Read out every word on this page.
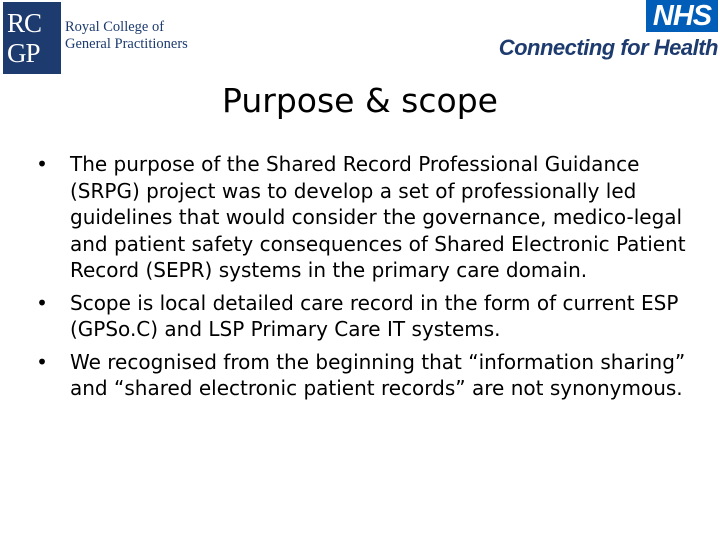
RC
GP
Royal College of
General Practitioners
NHS
Connecting for Health
Purpose & scope
• The purpose of the Shared Record Professional Guidance (SRPG) project was to develop a set of professionally led guidelines that would consider the governance, medico-legal and patient safety consequences of Shared Electronic Patient Record (SEPR) systems in the primary care domain.
• Scope is local detailed care record in the form of current ESP (GPSo.C) and LSP Primary Care IT systems.
• We recognised from the beginning that “information sharing” and “shared electronic patient records” are not synonymous.
